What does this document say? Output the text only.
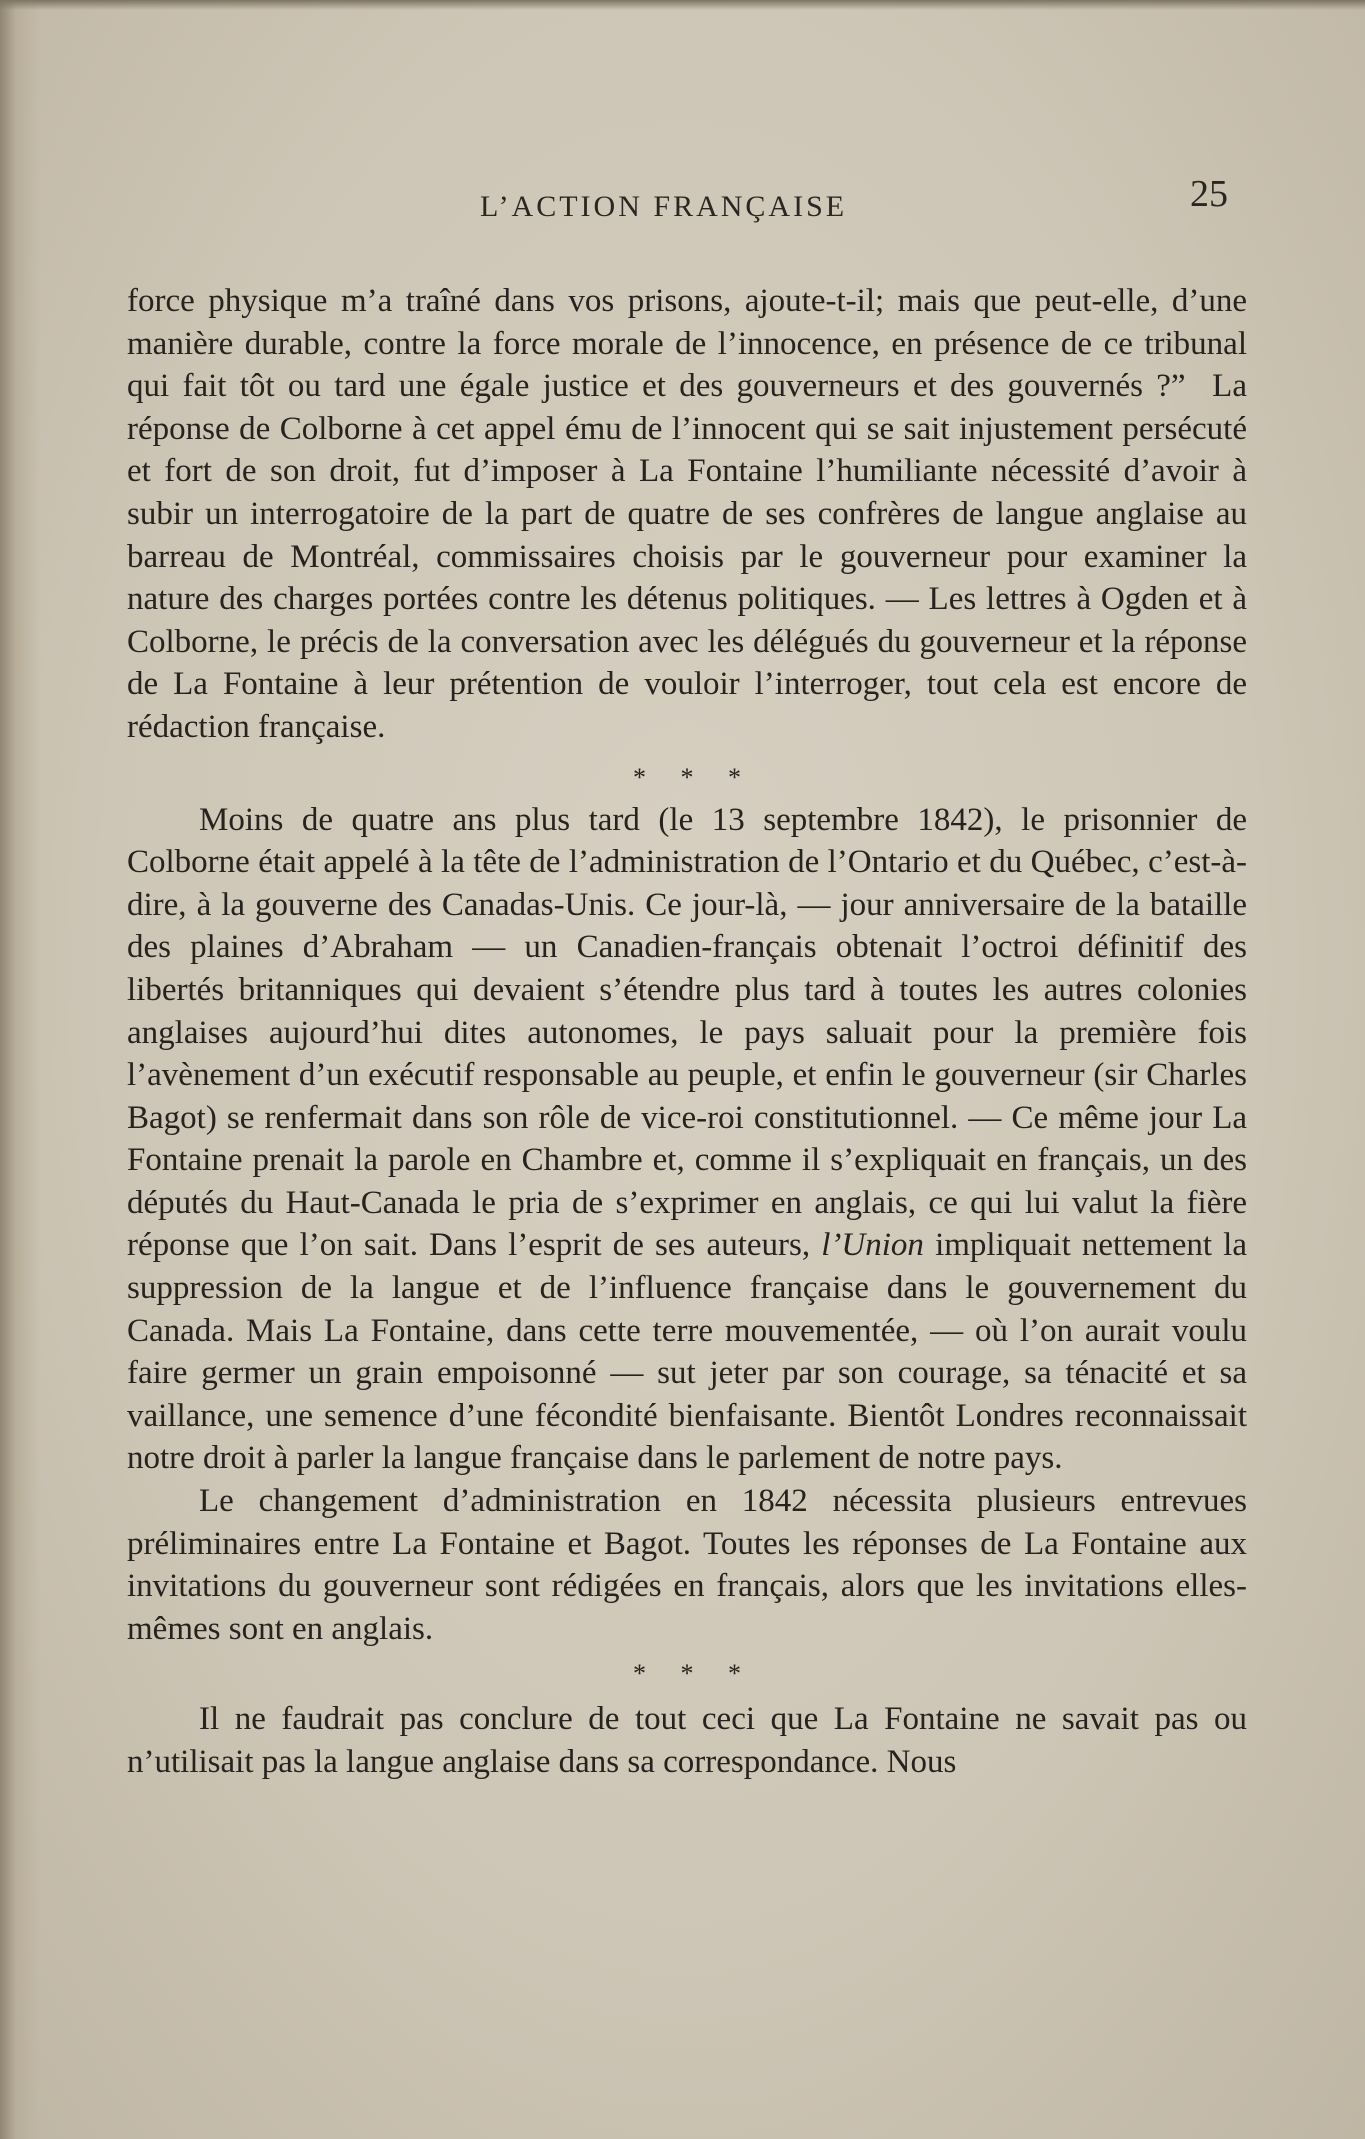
L’ACTION FRANÇAISE	25

force physique m’a traîné dans vos prisons, ajoute-t-il; mais que peut-elle, d’une manière durable, contre la force morale de l’innocence, en présence de ce tribunal qui fait tôt ou tard une égale justice et des gouverneurs et des gouvernés ?”  La réponse de Colborne à cet appel ému de l’innocent qui se sait injustement persécuté et fort de son droit, fut d’imposer à La Fontaine l’humiliante nécessité d’avoir à subir un interrogatoire de la part de quatre de ses confrères de langue anglaise au barreau de Montréal, commissaires choisis par le gouverneur pour examiner la nature des charges portées contre les détenus politiques. — Les lettres à Ogden et à Colborne, le précis de la conversation avec les délégués du gouverneur et la réponse de La Fontaine à leur prétention de vouloir l’interroger, tout cela est encore de rédaction française.

* * *

Moins de quatre ans plus tard (le 13 septembre 1842), le prisonnier de Colborne était appelé à la tête de l’administration de l’Ontario et du Québec, c’est-à-dire, à la gouverne des Canadas-Unis. Ce jour-là, — jour anniversaire de la bataille des plaines d’Abraham — un Canadien-français obtenait l’octroi définitif des libertés britanniques qui devaient s’étendre plus tard à toutes les autres colonies anglaises aujourd’hui dites autonomes, le pays saluait pour la première fois l’avènement d’un exécutif responsable au peuple, et enfin le gouverneur (sir Charles Bagot) se renfermait dans son rôle de vice-roi constitutionnel. — Ce même jour La Fontaine prenait la parole en Chambre et, comme il s’expliquait en français, un des députés du Haut-Canada le pria de s’exprimer en anglais, ce qui lui valut la fière réponse que l’on sait. Dans l’esprit de ses auteurs, l’Union impliquait nettement la suppression de la langue et de l’influence française dans le gouvernement du Canada. Mais La Fontaine, dans cette terre mouvementée, — où l’on aurait voulu faire germer un grain empoisonné — sut jeter par son courage, sa ténacité et sa vaillance, une semence d’une fécondité bienfaisante. Bientôt Londres reconnaissait notre droit à parler la langue française dans le parlement de notre pays.

Le changement d’administration en 1842 nécessita plusieurs entrevues préliminaires entre La Fontaine et Bagot. Toutes les réponses de La Fontaine aux invitations du gouverneur sont rédigées en français, alors que les invitations elles-mêmes sont en anglais.

* * *

Il ne faudrait pas conclure de tout ceci que La Fontaine ne savait pas ou n’utilisait pas la langue anglaise dans sa correspondance. Nous
